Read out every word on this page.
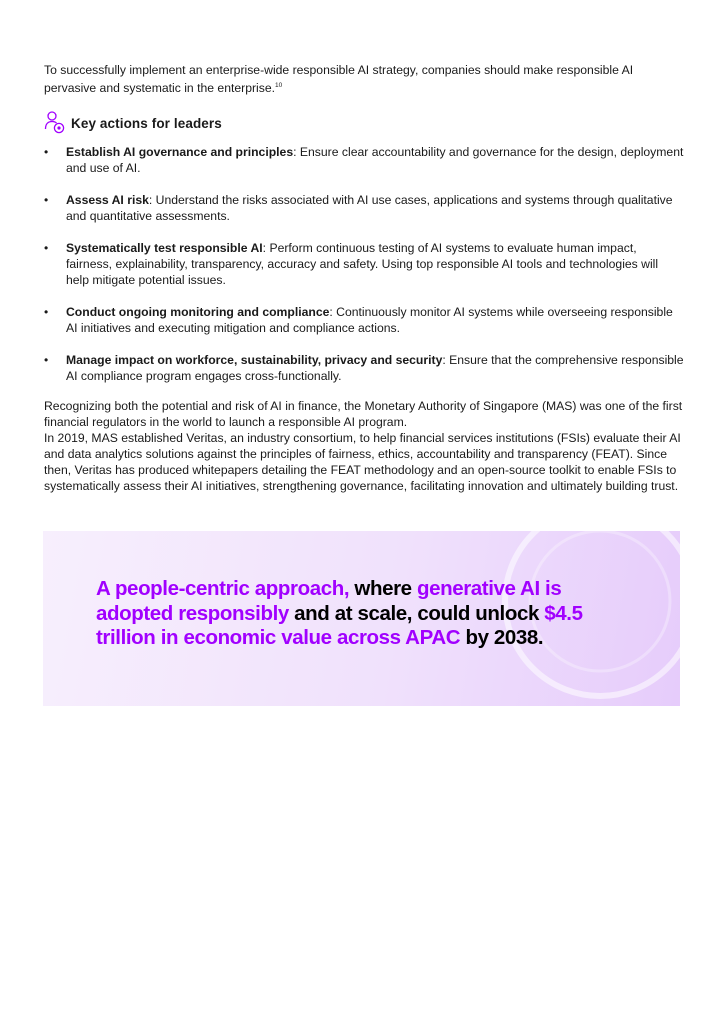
To successfully implement an enterprise-wide responsible AI strategy, companies should make responsible AI pervasive and systematic in the enterprise.$^{10}$

Key actions for leaders
• Establish AI governance and principles: Ensure clear accountability and governance for the design, deployment and use of AI.
• Assess AI risk: Understand the risks associated with AI use cases, applications and systems through qualitative and quantitative assessments.
• Systematically test responsible AI: Perform continuous testing of AI systems to evaluate human impact, fairness, explainability, transparency, accuracy and safety. Using top responsible AI tools and technologies will help mitigate potential issues.
• Conduct ongoing monitoring and compliance: Continuously monitor AI systems while overseeing responsible AI initiatives and executing mitigation and compliance actions.
• Manage impact on workforce, sustainability, privacy and security: Ensure that the comprehensive responsible AI compliance program engages cross-functionally.

Recognizing both the potential and risk of AI in finance, the Monetary Authority of Singapore (MAS) was one of the first financial regulators in the world to launch a responsible AI program.
In 2019, MAS established Veritas, an industry consortium, to help financial services institutions (FSIs) evaluate their AI and data analytics solutions against the principles of fairness, ethics, accountability and transparency (FEAT). Since then, Veritas has produced whitepapers detailing the FEAT methodology and an open-source toolkit to enable FSIs to systematically assess their AI initiatives, strengthening governance, facilitating innovation and ultimately building trust.

A people-centric approach, where generative AI is adopted responsibly and at scale, could unlock $4.5 trillion in economic value across APAC by 2038.
